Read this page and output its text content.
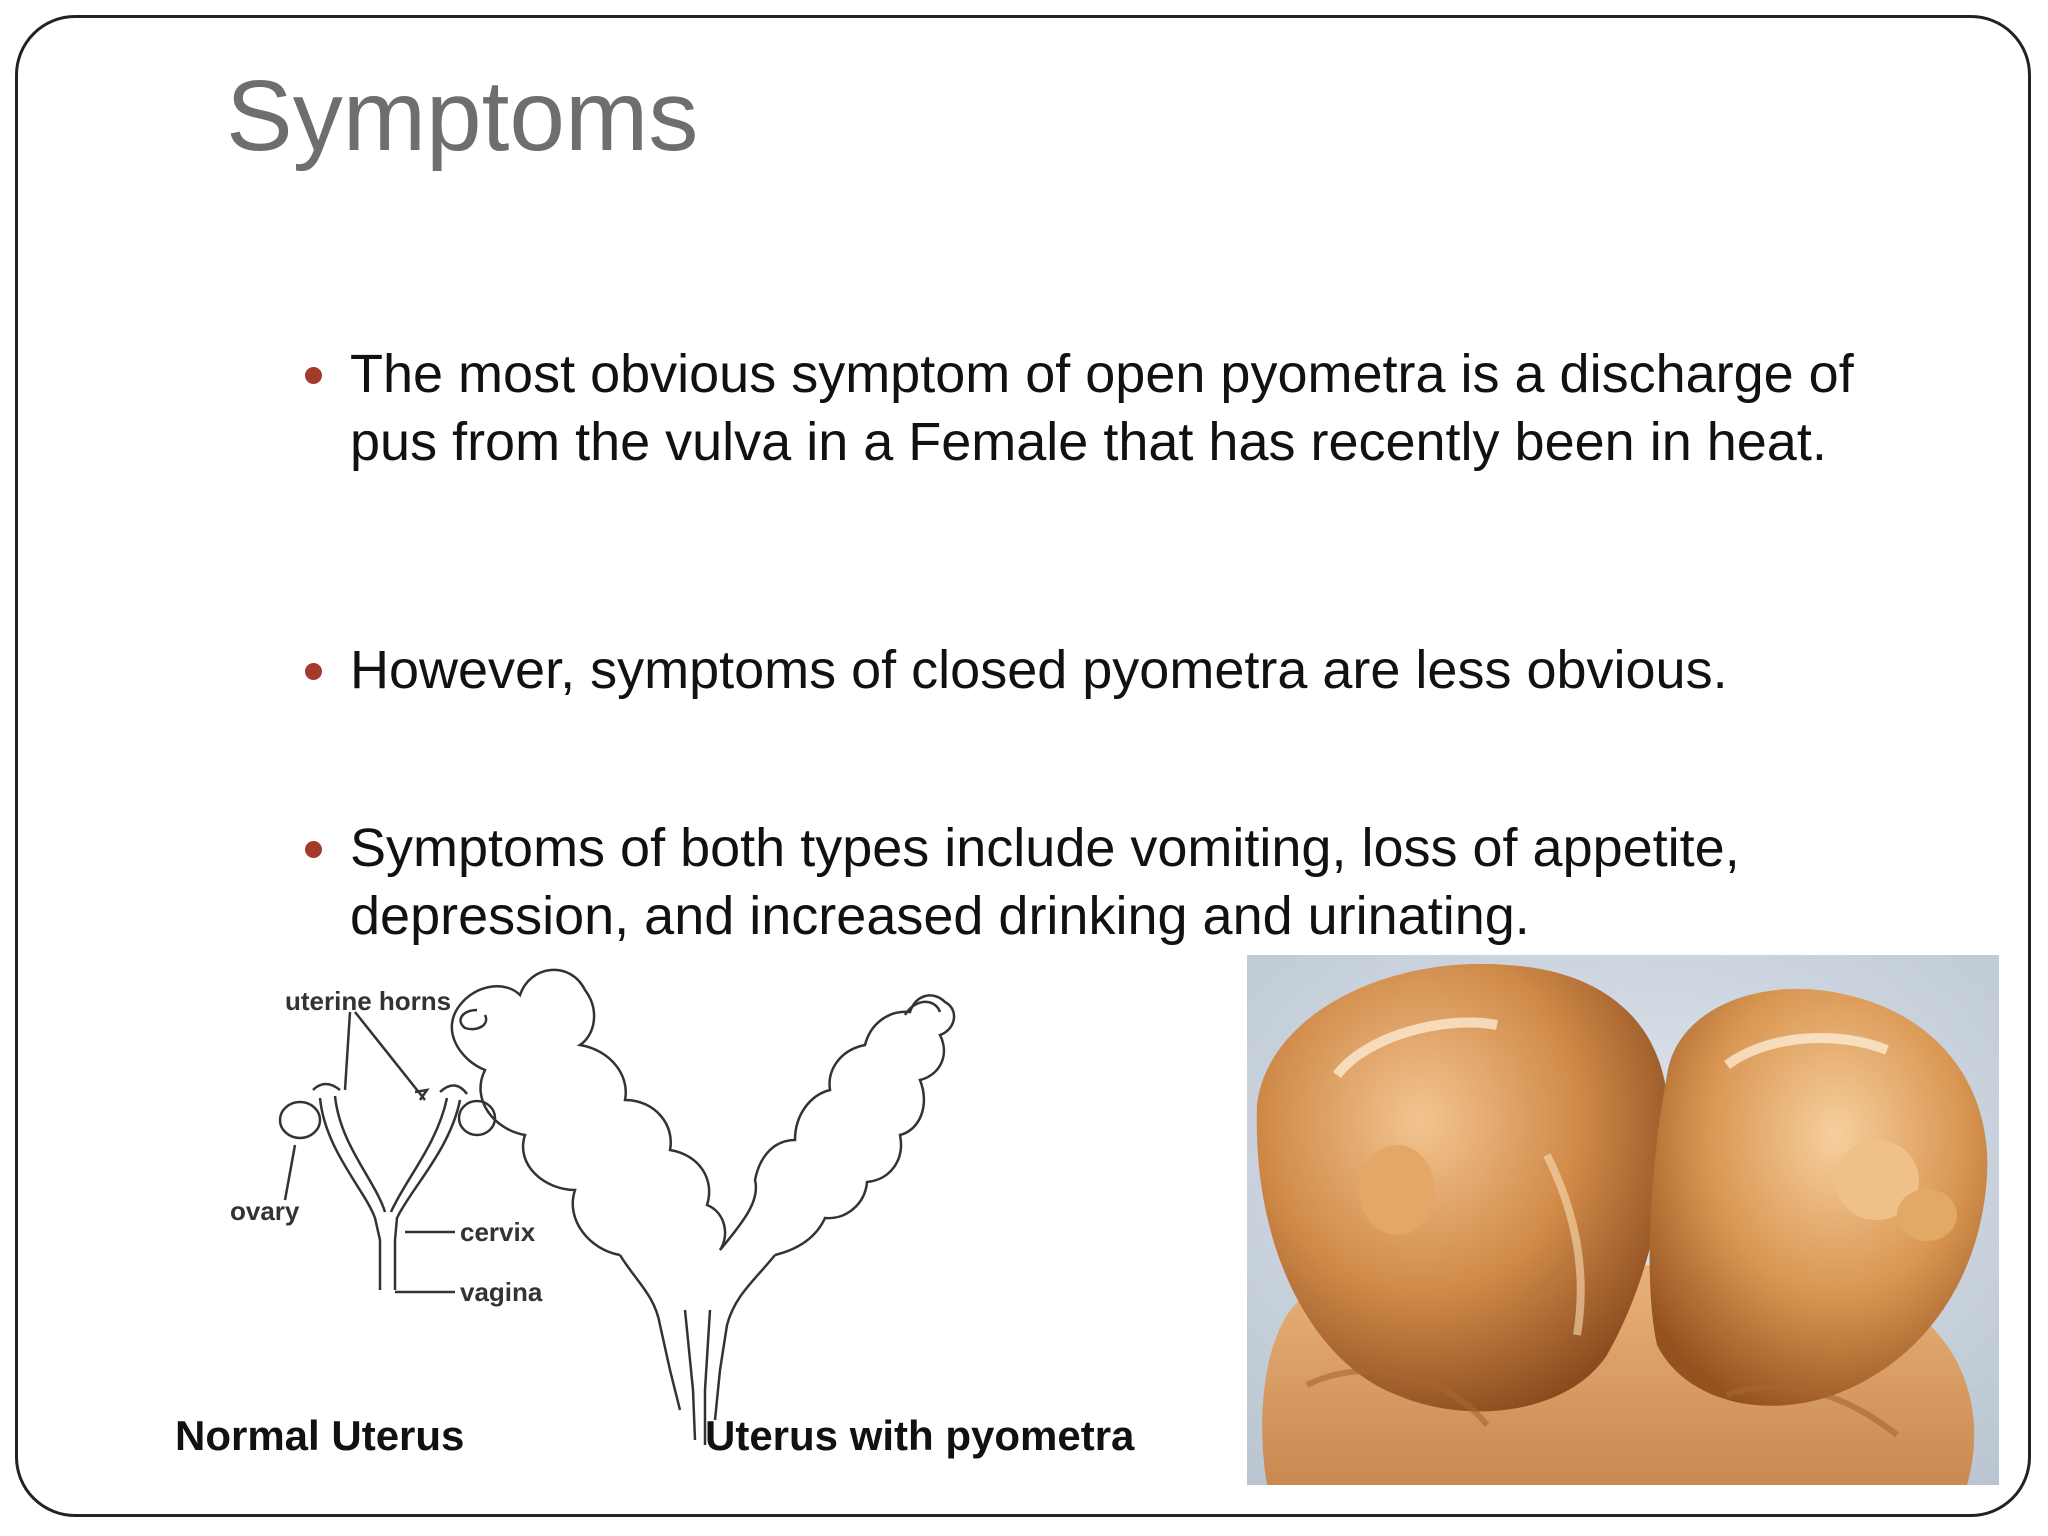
Symptoms
The most obvious symptom of open pyometra is a discharge of pus from the vulva in a Female that has recently been in heat.
However, symptoms of closed pyometra are less obvious.
Symptoms of both types include vomiting, loss of appetite, depression, and increased drinking and urinating.
uterine horns
ovary
cervix
vagina
Normal Uterus	Uterus with pyometra
